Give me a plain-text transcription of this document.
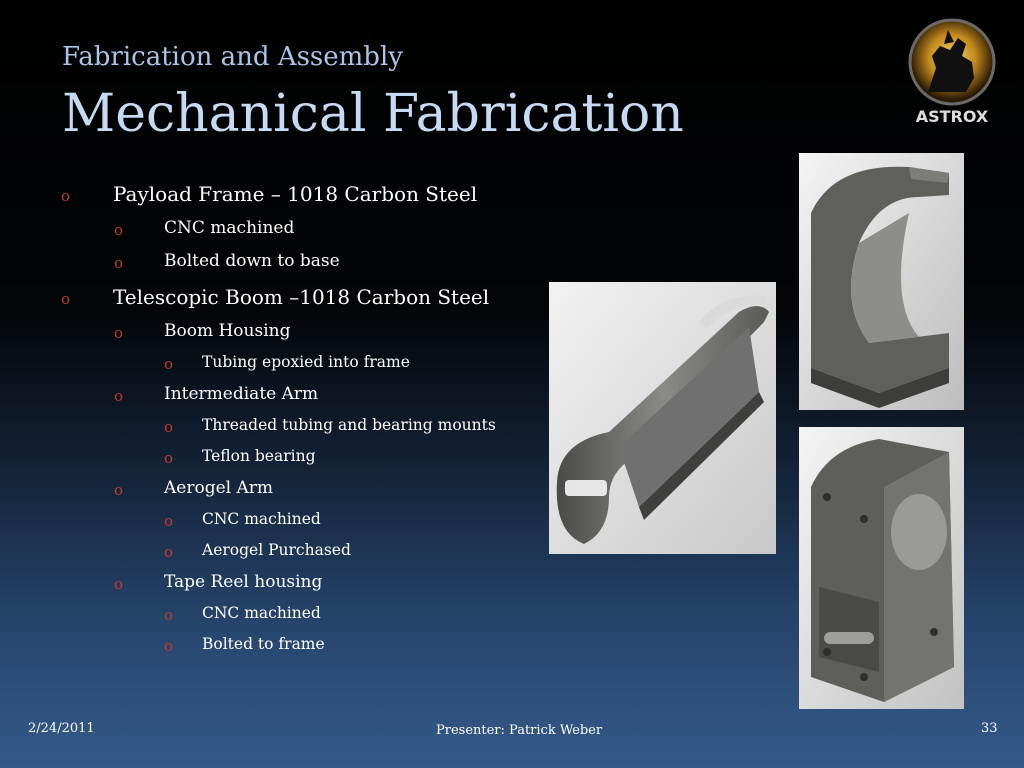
Fabrication and Assembly
Mechanical Fabrication	ASTROX
o Payload Frame – 1018 Carbon Steel
o CNC machined
o Bolted down to base
o Telescopic Boom –1018 Carbon Steel
o Boom Housing
o Tubing epoxied into frame
o Intermediate Arm
o Threaded tubing and bearing mounts
o Teflon bearing
o Aerogel Arm
o CNC machined
o Aerogel Purchased
o Tape Reel housing
o CNC machined
o Bolted to frame
2/24/2011	Presenter: Patrick Weber	33
